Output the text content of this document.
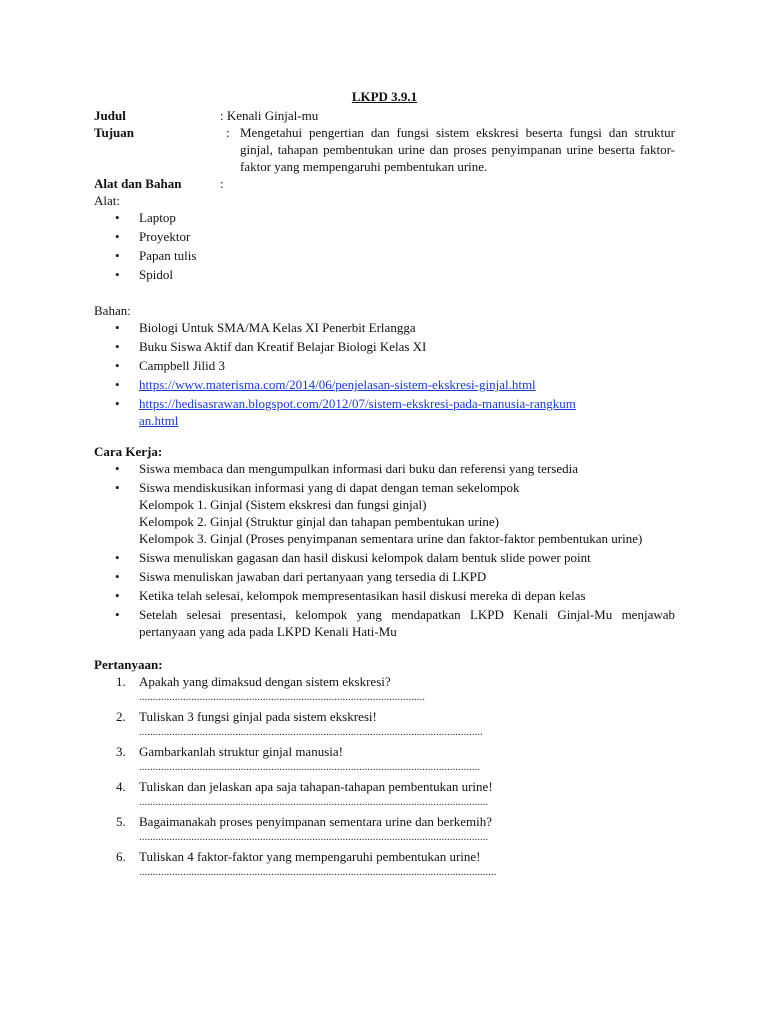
LKPD 3.9.1
Judul	: Kenali Ginjal-mu
Tujuan	: Mengetahui pengertian dan fungsi sistem ekskresi beserta fungsi dan struktur ginjal, tahapan pembentukan urine dan proses penyimpanan urine beserta faktor-faktor yang mempengaruhi pembentukan urine.
Alat dan Bahan	:
Alat:
• Laptop
• Proyektor
• Papan tulis
• Spidol
Bahan:
• Biologi Untuk SMA/MA Kelas XI Penerbit Erlangga
• Buku Siswa Aktif dan Kreatif Belajar Biologi Kelas XI
• Campbell Jilid 3
• https://www.materisma.com/2014/06/penjelasan-sistem-ekskresi-ginjal.html
• https://hedisasrawan.blogspot.com/2012/07/sistem-ekskresi-pada-manusia-rangkuman.html
Cara Kerja:
• Siswa membaca dan mengumpulkan informasi dari buku dan referensi yang tersedia
• Siswa mendiskusikan informasi yang di dapat dengan teman sekelompok
Kelompok 1. Ginjal (Sistem ekskresi dan fungsi ginjal)
Kelompok 2. Ginjal (Struktur ginjal dan tahapan pembentukan urine)
Kelompok 3. Ginjal (Proses penyimpanan sementara urine dan faktor-faktor pembentukan urine)
• Siswa menuliskan gagasan dan hasil diskusi kelompok dalam bentuk slide power point
• Siswa menuliskan jawaban dari pertanyaan yang tersedia di LKPD
• Ketika telah selesai, kelompok mempresentasikan hasil diskusi mereka di depan kelas
• Setelah selesai presentasi, kelompok yang mendapatkan LKPD Kenali Ginjal-Mu menjawab pertanyaan yang ada pada LKPD Kenali Hati-Mu
Pertanyaan:
1. Apakah yang dimaksud dengan sistem ekskresi?
........................................................................................................
2. Tuliskan 3 fungsi ginjal pada sistem ekskresi!
.............................................................................................................................
3. Gambarkanlah struktur ginjal manusia!
............................................................................................................................
4. Tuliskan dan jelaskan apa saja tahapan-tahapan pembentukan urine!
...............................................................................................................................
5. Bagaimanakah proses penyimpanan sementara urine dan berkemih?
...............................................................................................................................
6. Tuliskan 4 faktor-faktor yang mempengaruhi pembentukan urine!
..................................................................................................................................
